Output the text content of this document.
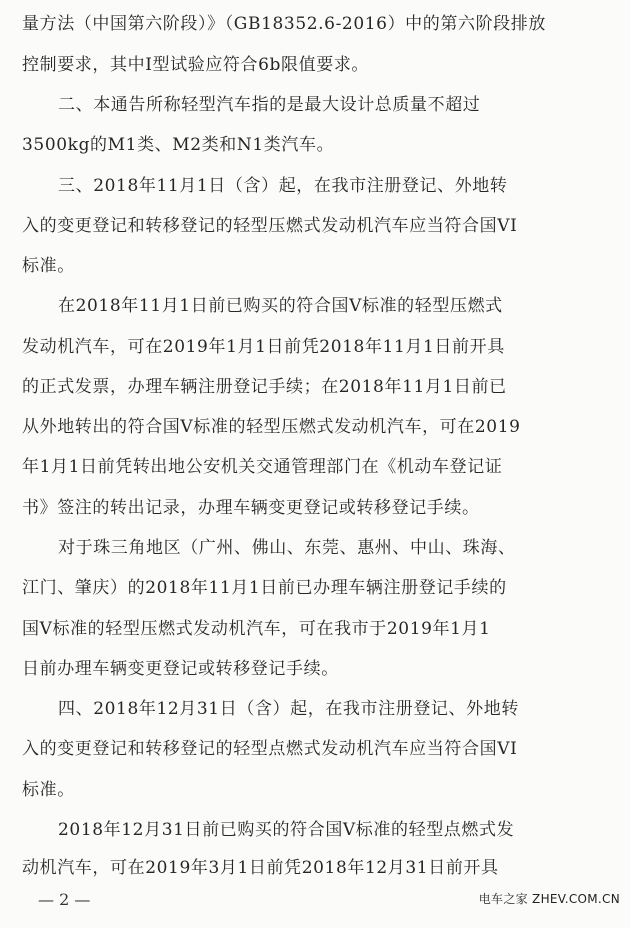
量方法（中国第六阶段）》（GB18352.6-2016）中的第六阶段排放
控制要求，其中I型试验应符合6b限值要求。
二、本通告所称轻型汽车指的是最大设计总质量不超过
3500kg的M1类、M2类和N1类汽车。
三、2018年11月1日（含）起，在我市注册登记、外地转
入的变更登记和转移登记的轻型压燃式发动机汽车应当符合国VI
标准。
在2018年11月1日前已购买的符合国V标准的轻型压燃式
发动机汽车，可在2019年1月1日前凭2018年11月1日前开具
的正式发票，办理车辆注册登记手续；在2018年11月1日前已
从外地转出的符合国V标准的轻型压燃式发动机汽车，可在2019
年1月1日前凭转出地公安机关交通管理部门在《机动车登记证
书》签注的转出记录，办理车辆变更登记或转移登记手续。
对于珠三角地区（广州、佛山、东莞、惠州、中山、珠海、
江门、肇庆）的2018年11月1日前已办理车辆注册登记手续的
国V标准的轻型压燃式发动机汽车，可在我市于2019年1月1
日前办理车辆变更登记或转移登记手续。
四、2018年12月31日（含）起，在我市注册登记、外地转
入的变更登记和转移登记的轻型点燃式发动机汽车应当符合国VI
标准。
2018年12月31日前已购买的符合国V标准的轻型点燃式发
动机汽车，可在2019年3月1日前凭2018年12月31日前开具
— 2 —	电车之家 ZHEV.COM.CN
